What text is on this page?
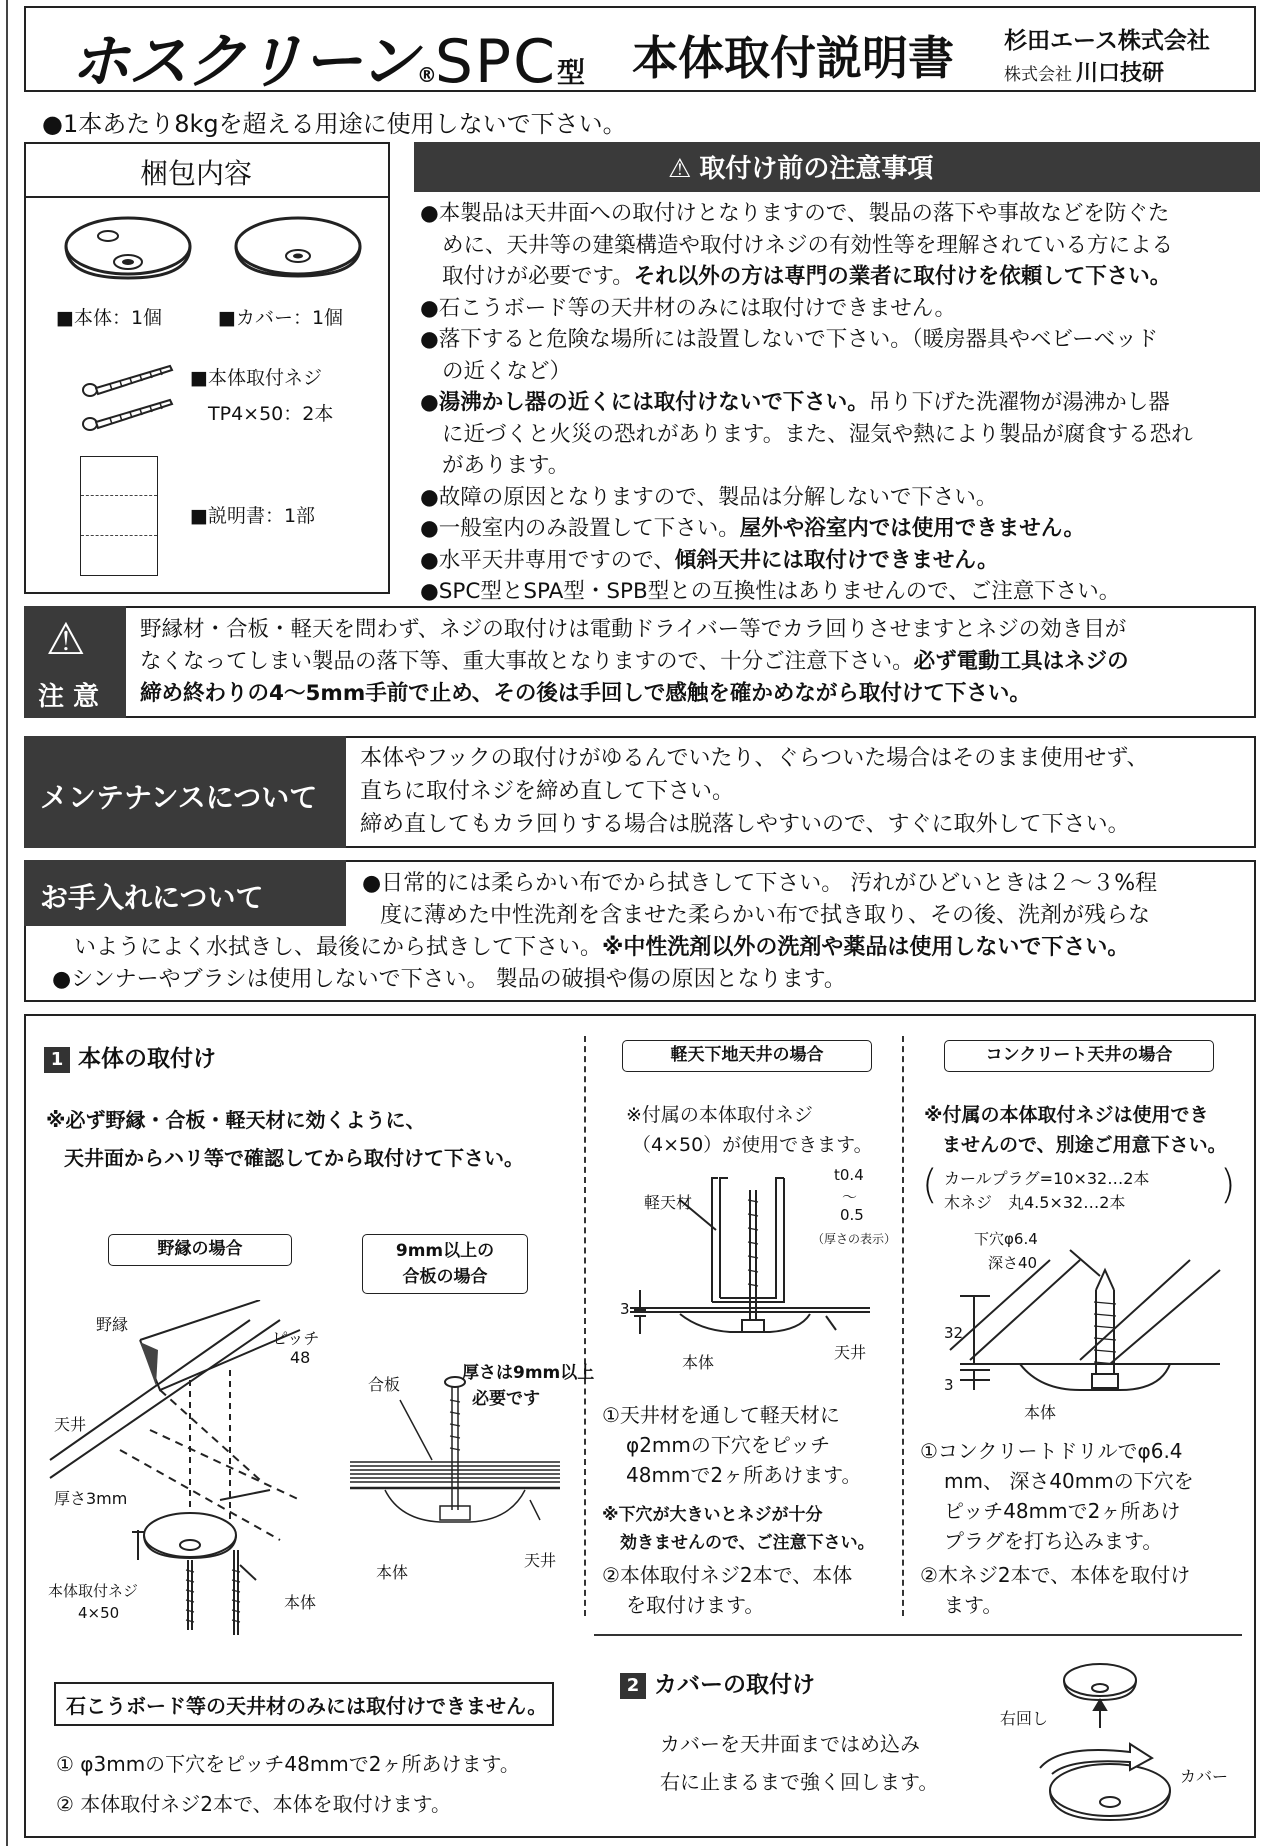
ホスクリーン®SPC型 本体取付説明書 杉田エース株式会社
株式会社 川口技研
●1本あたり8kgを超える用途に使用しないで下さい。
梱包内容
■本体：1個	■カバー：1個
■本体取付ネジ
TP4×50：2本
■説明書：1部
⚠ 取付け前の注意事項
●本製品は天井面への取付けとなりますので、製品の落下や事故などを防ぐた
めに、天井等の建築構造や取付けネジの有効性等を理解されている方による
取付けが必要です。それ以外の方は専門の業者に取付けを依頼して下さい。
●石こうボード等の天井材のみには取付けできません。
●落下すると危険な場所には設置しないで下さい。（暖房器具やベビーベッド
の近くなど）
●湯沸かし器の近くには取付けないで下さい。吊り下げた洗濯物が湯沸かし器
に近づくと火災の恐れがあります。また、湿気や熱により製品が腐食する恐れ
があります。
●故障の原因となりますので、製品は分解しないで下さい。
●一般室内のみ設置して下さい。屋外や浴室内では使用できません。
●水平天井専用ですので、傾斜天井には取付けできません。
●SPC型とSPA型・SPB型との互換性はありませんので、ご注意下さい。
⚠
注 意
野縁材・合板・軽天を問わず、ネジの取付けは電動ドライバー等でカラ回りさせますとネジの効き目が
なくなってしまい製品の落下等、重大事故となりますので、十分ご注意下さい。必ず電動工具はネジの
締め終わりの4～5mm手前で止め、その後は手回しで感触を確かめながら取付けて下さい。
メンテナンスについて
本体やフックの取付けがゆるんでいたり、ぐらついた場合はそのまま使用せず、
直ちに取付ネジを締め直して下さい。
締め直してもカラ回りする場合は脱落しやすいので、すぐに取外して下さい。
お手入れについて	●日常的には柔らかい布でから拭きして下さい。 汚れがひどいときは２～３%程
度に薄めた中性洗剤を含ませた柔らかい布で拭き取り、その後、洗剤が残らな
いようによく水拭きし、最後にから拭きして下さい。※中性洗剤以外の洗剤や薬品は使用しないで下さい。
●シンナーやブラシは使用しないで下さい。 製品の破損や傷の原因となります。
1 本体の取付け
※必ず野縁・合板・軽天材に効くように、
天井面からハリ等で確認してから取付けて下さい。
野縁の場合	9mm以上の
合板の場合
野縁
ピッチ
48
天井
厚さ3mm
本体取付ネジ
4×50
本体
合板
厚さは9mm以上
必要です
本体
天井
石こうボード等の天井材のみには取付けできません。
① φ3mmの下穴をピッチ48mmで2ヶ所あけます。
② 本体取付ネジ2本で、本体を取付けます。
軽天下地天井の場合
※付属の本体取付ネジ
（4×50）が使用できます。
軽天材
t0.4
〜
0.5
（厚さの表示）
3
本体
天井
①天井材を通して軽天材に
φ2mmの下穴をピッチ
48mmで2ヶ所あけます。
※下穴が大きいとネジが十分
効きませんので、ご注意下さい。
②本体取付ネジ2本で、本体
を取付けます。
コンクリート天井の場合
※付属の本体取付ネジは使用でき
ませんので、別途ご用意下さい。
(	)
カールプラグ=10×32…2本
木ネジ　丸4.5×32…2本
下穴φ6.4
深さ40
32
3
本体
①コンクリートドリルでφ6.4
mm、 深さ40mmの下穴を
ピッチ48mmで2ヶ所あけ
プラグを打ち込みます。
②木ネジ2本で、本体を取付け
ます。
2 カバーの取付け
カバーを天井面まではめ込み
右に止まるまで強く回します。
右回し
カバー
